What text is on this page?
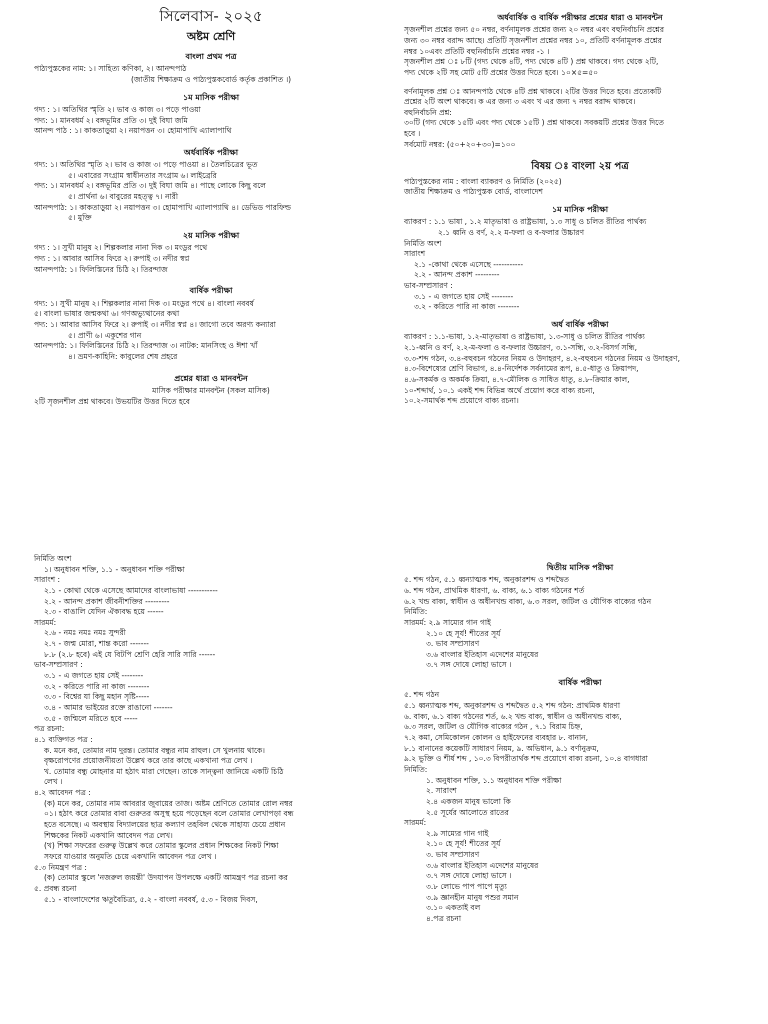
সিলেবাস- ২০২৫
অষ্টম শ্রেণি
বাংলা প্রথম পত্র
পাঠ্যপুস্তকের নাম: ১। সাহিত্য কণিকা, ২। আনন্দপাঠ
(জাতীয় শিক্ষাক্রম ও পাঠ্যপুস্তকবোর্ড কর্তৃক প্রকাশিত ।)
১ম মাসিক পরীক্ষা
গদ্য : ১। অতিথির স্মৃতি ২। ভাব ও কাজ ৩। পড়ে পাওয়া
পদ্য: ১। মানবধর্ম ২। বঙ্গভূমির প্রতি ৩। দুই বিঘা জমি
আনন্দ পাঠ : ১। কাকতাড়ুয়া ২। নয়াপত্তন ৩। হোমাপাখি এ্যালাপাথি
অর্ধবার্ষিক পরীক্ষা
গদ্য: ১। অতিথির স্মৃতি ২। ভাব ও কাজ ৩। পড়ে পাওয়া ৪। তৈলচিত্রের ভূত
৫। এবারের সংগ্রাম স্বাধীনতার সংগ্রাম ৬। লাইব্রেরি
পদ্য: ১। মানবধর্ম ২। বঙ্গভূমির প্রতি ৩। দুই বিঘা জমি ৪। পাছে লোকে কিছু বলে
৫। প্রার্থনা ৬। বাবুরের মহত্ত্ব ৭। নারী
আনন্দপাঠ: ১। কাকতাড়ুয়া ২। নয়াপত্তন ৩। হোমাপাখি এ্যালাপ্যাথি ৪। ডেভিড পারফিল্ড
৫। মুক্তি
২য় মাসিক পরীক্ষা
গদ্য : ১। সুখী মানুষ ২। শিল্পকলার নানা দিক ৩। মংডুর পথে
পদ্য : ১। আবার আসিব ফিরে ২। রুপাই ৩। নদীর স্বপ্ন
আনন্দপাঠ: ১। ফিলিস্তিনের চিঠি ২। তিরন্দাজ
বার্ষিক পরীক্ষা
গদ্য: ১। সুখী মানুষ ২। শিল্পকলার নানা দিক ৩। মংডুর পথে ৪। বাংলা নববর্ষ
৫। বাংলা ভাষার জন্মকথা ৬। গণঅভ্যুত্থানের কথা
পদ্য: ১। আবার আসিব ফিরে ২। রুপাই ৩। নদীর স্বপ্ন ৪। জাগো তবে অরণ্য কন্যারা
৫। প্রাণী ৬। একুশের গান
আনন্দপাঠ: ১। ফিলিস্তিনের চিঠি ২। তিরন্দাজ ৩। নাটক: মানসিংহ ও ঈশা খাঁ
৪। ভ্রমণ-কাহিনি: কাবুলের শেষ প্রহরে
প্রশ্নের ধারা ও মানবন্টন
মাসিক পরীক্ষার মানবন্টন (সকল মাসিক)
২টি সৃজনশীল প্রশ্ন থাকবে। উভয়টির উত্তর দিতে হবে
অর্ধবার্ষিক ও বার্ষিক পরীক্ষার প্রশ্নের ধারা ও মানবন্টন
সৃজনশীল প্রশ্নের জন্য ৫০ নম্বর, বর্ণনামূলক প্রশ্নের জন্য ২০ নম্বর এবং বহুনির্বাচনি প্রশ্নের
জন্য ৩০ নম্বর বরাদ্দ আছে। প্রতিটি সৃজনশীল প্রশ্নের নম্বর ১০, প্রতিটি বর্ণনামূলক প্রশ্নের
নম্বর ১০এবং প্রতিটি বহুনির্বাচনি প্রশ্নের নম্বর -১ ।
সৃজনশীল প্রশ্ন ঃ ৮টি (গদ্য থেকে ৪টি, পদ্য থেকে ৪টি ) প্রশ্ন থাকবে। গদ্য থেকে ২টি,
পদ্য থেকে ২টি সহ মোট ৫টি প্রশ্নের উত্তর দিতে হবে। ১০×৫=৫০
বর্ণনামূলক প্রশ্ন ঃ আনন্দপাঠ থেকে ৪টি প্রশ্ন থাকবে। ২টির উত্তর দিতে হবে। প্রত্যেকটি
প্রশ্নের ২টি অংশ থাকবে। ক এর জন্য ৩ এবং খ এর জন্য ৭ নম্বর বরাদ্দ থাকবে।
বহুনির্বাচনি প্রশ্ন:
৩০টি (গদ্য থেকে ১৫টি এবং পদ্য থেকে ১৫টি ) প্রশ্ন থাকবে। সবকয়টি প্রশ্নের উত্তর দিতে
হবে ।
সর্বমোট নম্বর: (৫০+২০+৩০)=১০০
বিষয় ঃ বাংলা ২য় পত্র
পাঠ্যপুস্তকের নাম : বাংলা ব্যাকরণ ও নির্মিতি (২০২৫)
জাতীয় শিক্ষাক্রম ও পাঠ্যপুস্তক বোর্ড, বাংলাদেশ
১ম মাসিক পরীক্ষা
ব্যাকরণ : ১.১ ভাষা , ১.২ মাতৃভাষা ও রাষ্ট্রভাষা, ১.৩ সাধু ও চলিত রীতির পার্থক্য
২.১ ধ্বনি ও বর্ণ, ২.২ ম-ফলা ও ব-ফলার উচ্চারণ
নির্মিতি অংশ
সারাংশ
২.১ -কোথা থেকে এসেছে -----------
২.২ - আনন্দ প্রকাশ ---------
ভাব-সম্প্রসারণ :
৩.১ - এ জগতে হায় সেই --------
৩.২ - করিতে পারি না কাজ --------
অর্ধ বার্ষিক পরীক্ষা
ব্যাকরণ : ১.১-ভাষা, ১.২-মাতৃভাষা ও রাষ্ট্রভাষা, ১.৩-সাধু ও চলিত রীতির পার্থক্য
২.১-ধ্বনি ও বর্ণ, ২.২-ম-ফলা ও ব-ফলার উচ্চারণ, ৩.১-সন্ধি, ৩.২-বিসর্গ সন্ধি,
৩.৩-শব্দ গঠন, ৩.৪-বহুবচন গঠনের নিয়ম ও উদাহরণ, ৪.২-বহুবচন গঠনের নিয়ম ও উদাহরণ,
৪.৩-বিশেষ্যের শ্রেণি বিভাগ, ৪.৪-নির্দেশক সর্বনামের রূপ, ৪.৫-ধাতু ও ক্রিয়াপদ,
৪.৬-সকর্মক ও অকর্মক ক্রিয়া, ৪.৭-মৌলিক ও সাধিত ধাতু, ৪.৮-ক্রিয়ার কাল,
১০-শব্দার্থ, ১০.১ একই শব্দ বিভিন্ন অর্থে প্রয়োগ করে বাক্য রচনা,
১০.২-সমার্থক শব্দ প্রয়োগে বাক্য রচনা।
নির্মিতি অংশ
১। অনুধাবন শক্তি, ১.১ - অনুধাবন শক্তি পরীক্ষা
সারাংশ :
২.১ - কোথা থেকে এসেছে আমাদের বাংলাভাষা -----------
২.২ - আনন্দ প্রকাশ জীবনীশক্তির ---------
২.৩ - বাঙালি যেদিন ঐক্যবদ্ধ হয়ে ------
সারমর্ম:
২.৬ - নমঃ নমঃ নমঃ সুন্দরী
২.৭ - জন্ম মোরা, শান্ত করো -------
৮.৮ (২.৮ হবে) এই যে বিটপি শ্রেণি হেরি সারি সারি ------
ভাব-সম্প্রসারণ :
৩.১ - এ জগতে হায় সেই --------
৩.২ - করিতে পারি না কাজ --------
৩.৩ - বিশ্বের যা কিছু মহান সৃষ্টি-----
৩.৪ - আমার ভাইয়ের রক্তে রাঙানো -------
৩.৫ - জন্মিলে মরিতে হবে -----
পত্র রচনা:
৪.১ ব্যক্তিগত পত্র :
ক. মনে কর, তোমার নাম দুরন্ত। তোমার বন্ধুর নাম রাহুল। সে খুলনায় থাকে।
বৃক্ষরোপণের প্রয়োজনীয়তা উল্লেখ করে তার কাছে একখানা পত্র লেখ ।
খ. তোমার বন্ধু মোহনার মা হঠাৎ মারা গেছেন। তাকে সান্ত্বনা জানিয়ে একটি চিঠি
লেখ ।
৪.২ আবেদন পত্র :
(ক) মনে কর, তোমার নাম আবরার জুবায়ের তাজ। অষ্টম শ্রেণিতে তোমার রোল নম্বর
০১। হঠাৎ করে তোমার বাবা গুরুতর অসুস্থ হয়ে পড়েছেন বলে তোমার লেখাপড়া বন্ধ
হতে বসেছে। এ অবস্থায় বিদ্যালয়ের ছাত্র কল্যাণ তহবিল থেকে সাহায্য চেয়ে প্রধান
শিক্ষকের নিকট একখানি আবেদন পত্র লেখ।
(খ) শিক্ষা সফরের গুরুত্ব উল্লেখ করে তোমার স্কুলের প্রধান শিক্ষকের নিকট শিক্ষা
সফরে যাওয়ার অনুমতি চেয়ে একখানি আবেদন পত্র লেখ ।
৫.৩ নিমন্ত্রণ পত্র :
(ক) তোমার স্কুলে 'নজরুল জয়ন্তী' উদযাপন উপলক্ষে একটি আমন্ত্রণ পত্র রচনা কর
৫. প্রবন্ধ রচনা
৫.১ - বাংলাদেশের ঋতুবৈচিত্র্য, ৫.২ - বাংলা নববর্ষ, ৫.৩ - বিজয় দিবস,
দ্বিতীয় মাসিক পরীক্ষা
৫. শব্দ গঠন, ৫.১ ধ্বন্যাত্মক শব্দ, অনুকারশব্দ ও শব্দদ্বৈত
৬. শব্দ গঠন, প্রাথমিক ধারণা, ৬. বাক্য, ৬.১ বাক্য গঠনের শর্ত
৬.২ খন্ড বাক্য, স্বাধীন ও অধীনখন্ড বাক্য, ৬.৩ সরল, জটিল ও যৌগিক বাক্যের গঠন
নির্মিতি:
সারমর্ম: ২.৯ সাম্যের গান গাই
২.১০ হে সূর্য! শীতের সূর্য
৩. ভাব সম্প্রসারণ
৩.৬ বাংলার ইতিহাস এদেশের মানুষের
৩.৭ সঙ্গ দোষে লোহা ভাসে ।
বার্ষিক পরীক্ষা
৫. শব্দ গঠন
৫.১ ধ্বন্যাত্মক শব্দ, অনুকারশব্দ ও শব্দদ্বৈত ৫.২ শব্দ গঠন: প্রাথমিক ধারণা
৬. বাক্য, ৬.১ বাক্য গঠনের শর্ত, ৬.২ খন্ড বাক্য, স্বাধীন ও অধীনখন্ড বাক্য,
৬.৩ সরল, জটিল ও যৌগিক বাক্যের গঠন , ৭.১ বিরাম চিহ্ন,
৭.২ কমা, সেমিকোলন কোলন ও হাইফেনের ব্যবহার ৮. বানান,
৮.১ বানানের কয়েকটি সাধারণ নিয়ম, ৯. অভিধান, ৯.১ বর্ণানুক্রম,
৯.২ ভুক্তি ও শীর্ষ শব্দ , ১০.৩ বিপরীতার্থক শব্দ প্রয়োগে বাক্য রচনা, ১০.৪ বাগধারা
নির্মিতি:
১. অনুধাবন শক্তি, ১.১ অনুধাবন শক্তি পরীক্ষা
২. সারাংশ
২.৪ একজন মানুষ ভালো কি
২.৫ সূর্যের আলোতে রাতের
সারমর্ম:
২.৯ সাম্যের গান গাই
২.১০ হে সূর্য! শীতের সূর্য
৩. ভাব সম্প্রসারণ
৩.৬ বাংলার ইতিহাস এদেশের মানুষের
৩.৭ সঙ্গ দোষে লোহা ভাসে ।
৩.৮ লোভে পাপ পাপে মৃত্যু
৩.৯ জ্ঞানহীন মানুষ পশুর সমান
৩.১০ একতাই বল
৪.পত্র রচনা
